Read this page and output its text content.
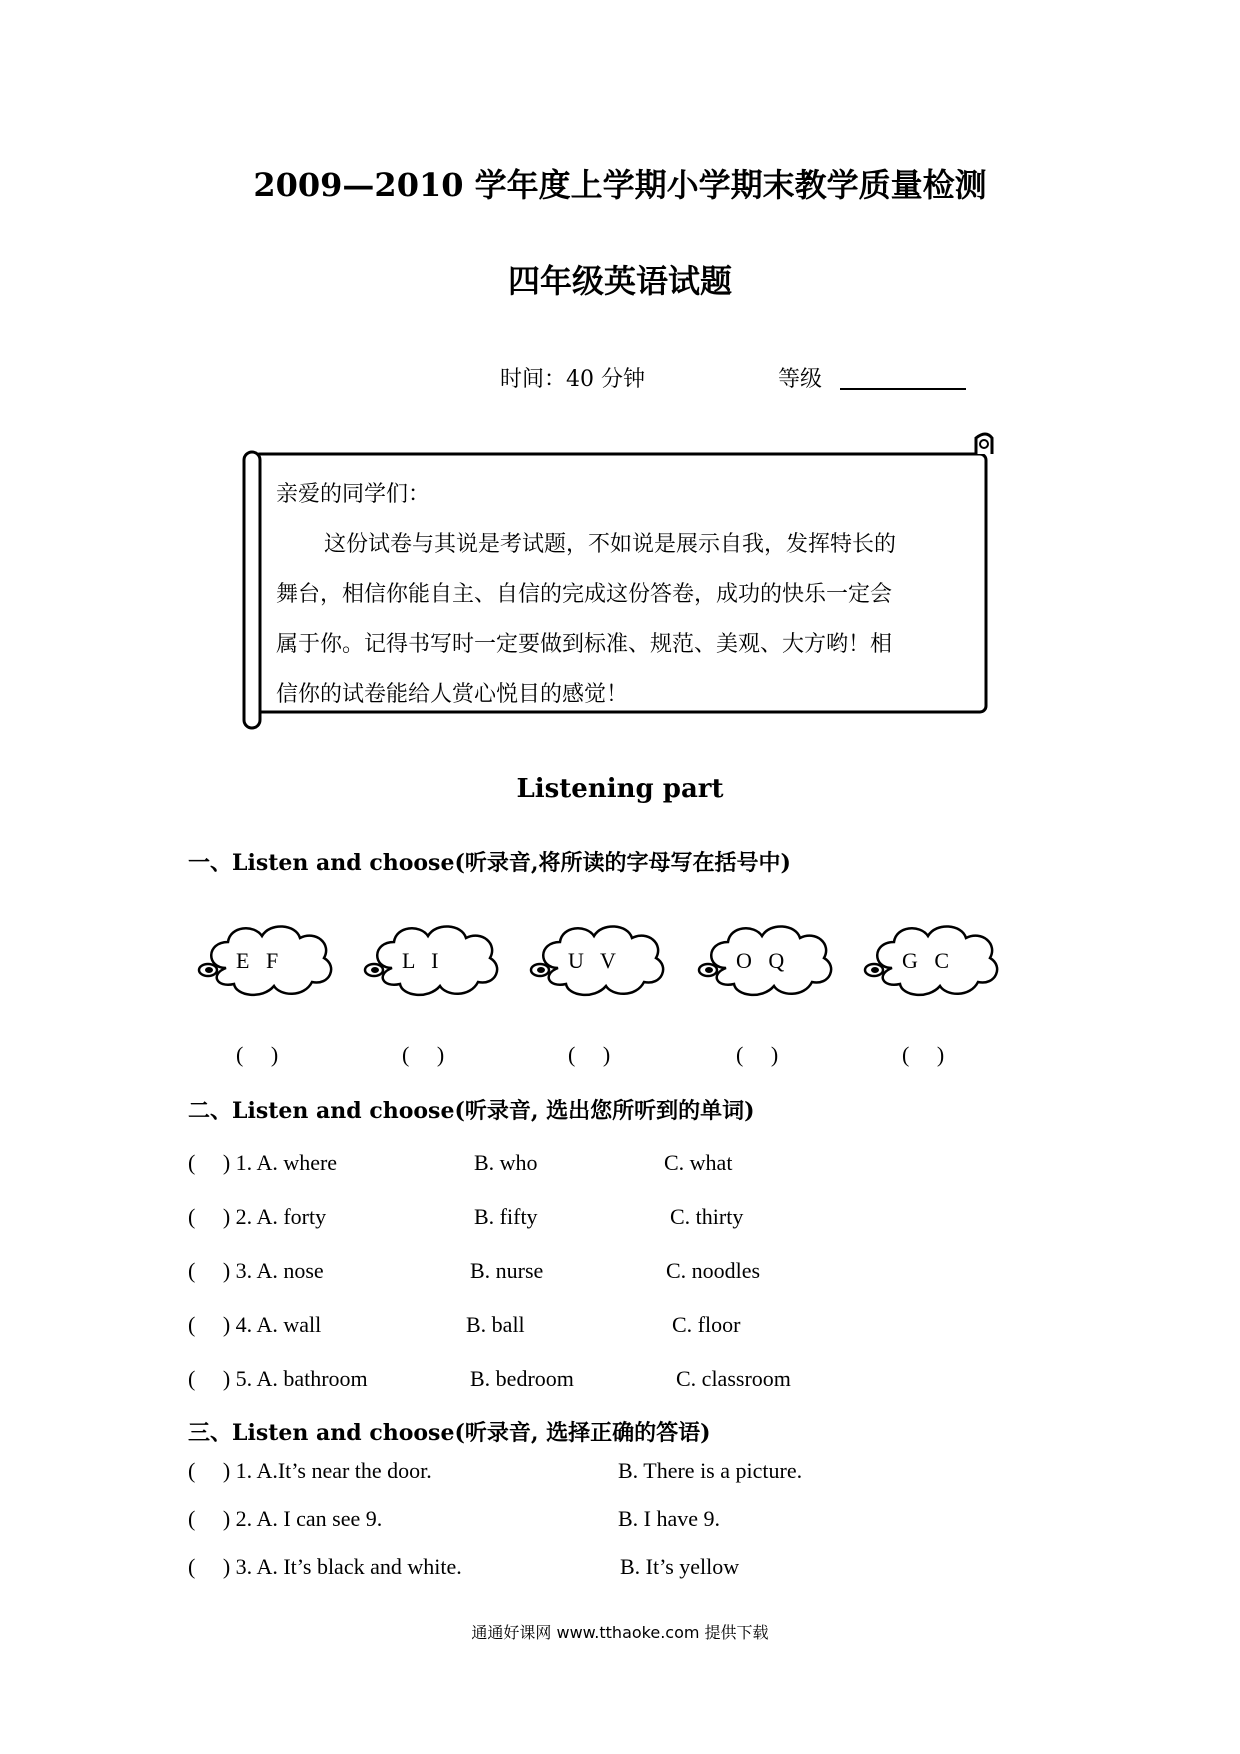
2009—2010 学年度上学期小学期末教学质量检测
四年级英语试题
时间：40 分钟	等级
亲爱的同学们：
这份试卷与其说是考试题，不如说是展示自我，发挥特长的
舞台，相信你能自主、自信的完成这份答卷，成功的快乐一定会
属于你。记得书写时一定要做到标准、规范、美观、大方哟！相
信你的试卷能给人赏心悦目的感觉！
Listening part
一、Listen and choose(听录音,将所读的字母写在括号中)
E   F
(     )
L   I
(     )
U   V
(     )
O   Q
(     )
G   C
(     )
二、Listen and choose(听录音, 选出您所听到的单词)
(     ) 1. A. where	B. who	C. what
(     ) 2. A. forty	B. fifty	C. thirty
(     ) 3. A. nose	B. nurse	C. noodles
(     ) 4. A. wall	B. ball	C. floor
(     ) 5. A. bathroom	B. bedroom	C. classroom
三、Listen and choose(听录音, 选择正确的答语)
(     ) 1. A.It’s near the door.	B. There is a picture.
(     ) 2. A. I can see 9.	B. I have 9.
(     ) 3. A. It’s black and white.	B. It’s yellow
通通好课网 www.tthaoke.com 提供下载
